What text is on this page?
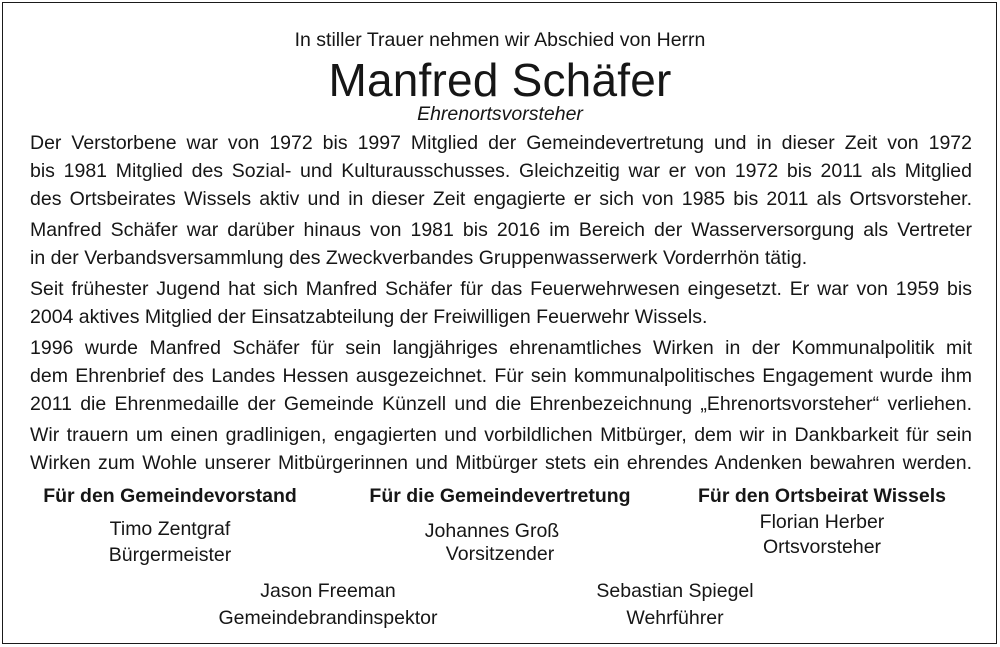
In stiller Trauer nehmen wir Abschied von Herrn
Manfred Schäfer
Ehrenortsvorsteher
Der Verstorbene war von 1972 bis 1997 Mitglied der Gemeindevertretung und in dieser Zeit von 1972
bis 1981 Mitglied des Sozial- und Kulturausschusses. Gleichzeitig war er von 1972 bis 2011 als Mitglied
des Ortsbeirates Wissels aktiv und in dieser Zeit engagierte er sich von 1985 bis 2011 als Ortsvorsteher.
Manfred Schäfer war darüber hinaus von 1981 bis 2016 im Bereich der Wasserversorgung als Vertreter
in der Verbandsversammlung des Zweckverbandes Gruppenwasserwerk Vorderrhön tätig.
Seit frühester Jugend hat sich Manfred Schäfer für das Feuerwehrwesen eingesetzt. Er war von 1959 bis
2004 aktives Mitglied der Einsatzabteilung der Freiwilligen Feuerwehr Wissels.
1996 wurde Manfred Schäfer für sein langjähriges ehrenamtliches Wirken in der Kommunalpolitik mit
dem Ehrenbrief des Landes Hessen ausgezeichnet. Für sein kommunalpolitisches Engagement wurde ihm
2011 die Ehrenmedaille der Gemeinde Künzell und die Ehrenbezeichnung „Ehrenortsvorsteher“ verliehen.
Wir trauern um einen gradlinigen, engagierten und vorbildlichen Mitbürger, dem wir in Dankbarkeit für sein
Wirken zum Wohle unserer Mitbürgerinnen und Mitbürger stets ein ehrendes Andenken bewahren werden.
Für den Gemeindevorstand
Timo Zentgraf
Bürgermeister
Für die Gemeindevertretung
Johannes Groß
Vorsitzender
Für den Ortsbeirat Wissels
Florian Herber
Ortsvorsteher
Jason Freeman
Gemeindebrandinspektor
Sebastian Spiegel
Wehrführer
